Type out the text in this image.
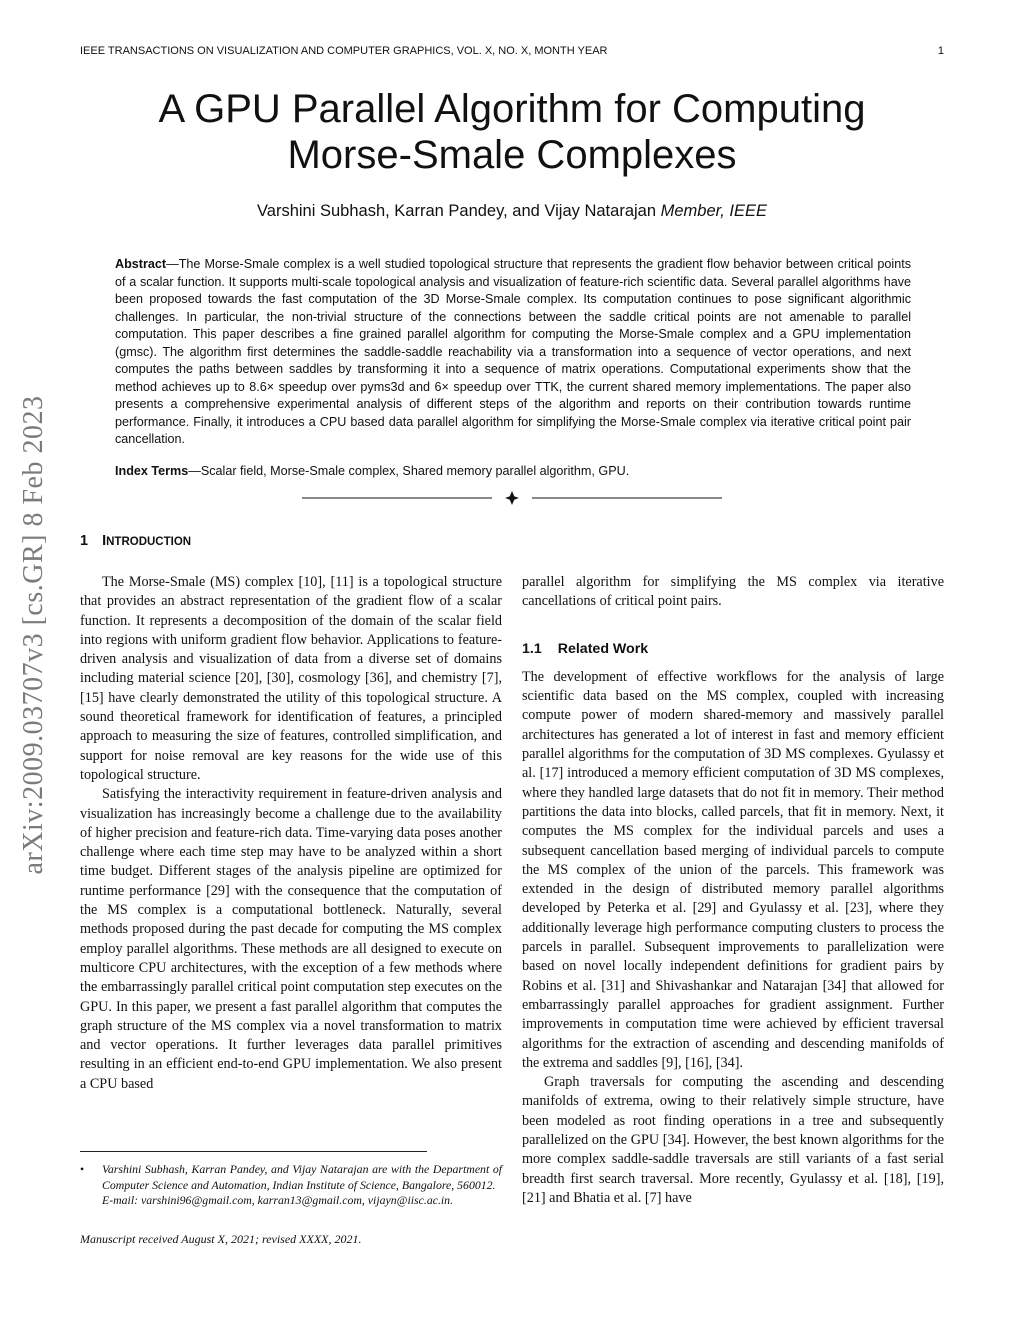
IEEE TRANSACTIONS ON VISUALIZATION AND COMPUTER GRAPHICS, VOL. X, NO. X, MONTH YEAR	1
A GPU Parallel Algorithm for Computing
Morse-Smale Complexes
Varshini Subhash, Karran Pandey, and Vijay Natarajan Member, IEEE
Abstract—The Morse-Smale complex is a well studied topological structure that represents the gradient flow behavior between critical points of a scalar function. It supports multi-scale topological analysis and visualization of feature-rich scientific data. Several parallel algorithms have been proposed towards the fast computation of the 3D Morse-Smale complex. Its computation continues to pose significant algorithmic challenges. In particular, the non-trivial structure of the connections between the saddle critical points are not amenable to parallel computation. This paper describes a fine grained parallel algorithm for computing the Morse-Smale complex and a GPU implementation (gmsc). The algorithm first determines the saddle-saddle reachability via a transformation into a sequence of vector operations, and next computes the paths between saddles by transforming it into a sequence of matrix operations. Computational experiments show that the method achieves up to 8.6× speedup over pyms3d and 6× speedup over TTK, the current shared memory implementations. The paper also presents a comprehensive experimental analysis of different steps of the algorithm and reports on their contribution towards runtime performance. Finally, it introduces a CPU based data parallel algorithm for simplifying the Morse-Smale complex via iterative critical point pair cancellation.
Index Terms—Scalar field, Morse-Smale complex, Shared memory parallel algorithm, GPU.
arXiv:2009.03707v3 [cs.GR] 8 Feb 2023	1 INTRODUCTION

The Morse-Smale (MS) complex [10], [11] is a topological structure that provides an abstract representation of the gradient flow of a scalar function. It represents a decomposition of the domain of the scalar field into regions with uniform gradient flow behavior. Applications to feature-driven analysis and visualization of data from a diverse set of domains including material science [20], [30], cosmology [36], and chemistry [7], [15] have clearly demonstrated the utility of this topological structure. A sound theoretical framework for identification of features, a principled approach to measuring the size of features, controlled simplification, and support for noise removal are key reasons for the wide use of this topological structure.

Satisfying the interactivity requirement in feature-driven analysis and visualization has increasingly become a challenge due to the availability of higher precision and feature-rich data. Time-varying data poses another challenge where each time step may have to be analyzed within a short time budget. Different stages of the analysis pipeline are optimized for runtime performance [29] with the consequence that the computation of the MS complex is a computational bottleneck. Naturally, several methods proposed during the past decade for computing the MS complex employ parallel algorithms. These methods are all designed to execute on multicore CPU architectures, with the exception of a few methods where the embarrassingly parallel critical point computation step executes on the GPU. In this paper, we present a fast parallel algorithm that computes the graph structure of the MS complex via a novel transformation to matrix and vector operations. It further leverages data parallel primitives resulting in an efficient end-to-end GPU implementation. We also present a CPU based

parallel algorithm for simplifying the MS complex via iterative cancellations of critical point pairs.

1.1 Related Work

The development of effective workflows for the analysis of large scientific data based on the MS complex, coupled with increasing compute power of modern shared-memory and massively parallel architectures has generated a lot of interest in fast and memory efficient parallel algorithms for the computation of 3D MS complexes. Gyulassy et al. [17] introduced a memory efficient computation of 3D MS complexes, where they handled large datasets that do not fit in memory. Their method partitions the data into blocks, called parcels, that fit in memory. Next, it computes the MS complex for the individual parcels and uses a subsequent cancellation based merging of individual parcels to compute the MS complex of the union of the parcels. This framework was extended in the design of distributed memory parallel algorithms developed by Peterka et al. [29] and Gyulassy et al. [23], where they additionally leverage high performance computing clusters to process the parcels in parallel. Subsequent improvements to parallelization were based on novel locally independent definitions for gradient pairs by Robins et al. [31] and Shivashankar and Natarajan [34] that allowed for embarrassingly parallel approaches for gradient assignment. Further improvements in computation time were achieved by efficient traversal algorithms for the extraction of ascending and descending manifolds of the extrema and saddles [9], [16], [34].

Graph traversals for computing the ascending and descending manifolds of extrema, owing to their relatively simple structure, have been modeled as root finding operations in a tree and subsequently parallelized on the GPU [34]. However, the best known algorithms for the more complex saddle-saddle traversals are still variants of a fast serial breadth first search traversal. More recently, Gyulassy et al. [18], [19], [21] and Bhatia et al. [7] have

• Varshini Subhash, Karran Pandey, and Vijay Natarajan are with the Department of Computer Science and Automation, Indian Institute of Science, Bangalore, 560012.
E-mail: varshini96@gmail.com, karran13@gmail.com, vijayn@iisc.ac.in.
Manuscript received August X, 2021; revised XXXX, 2021.
